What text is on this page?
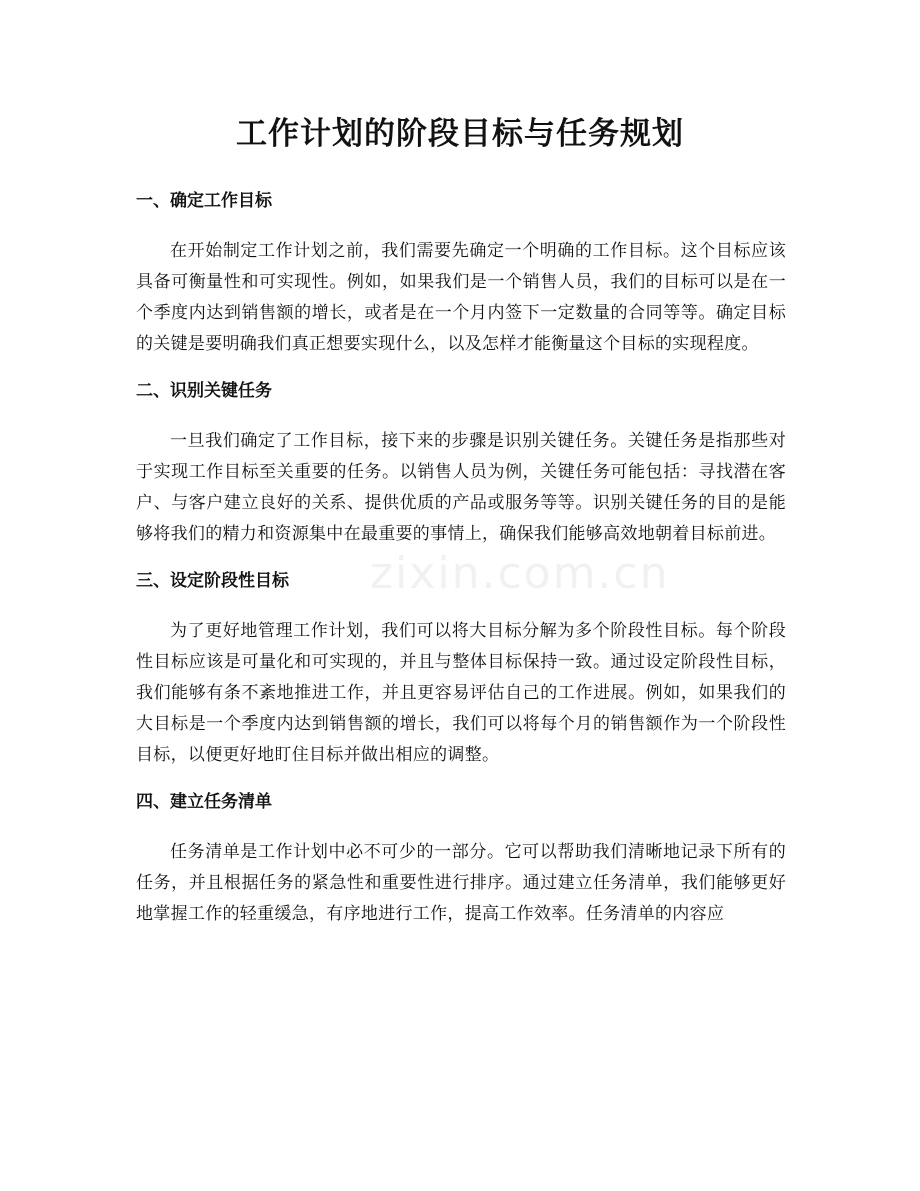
工作计划的阶段目标与任务规划
zixin.com.cn
一、确定工作目标

在开始制定工作计划之前，我们需要先确定一个明确的工作目标。这个目标应该具备可衡量性和可实现性。例如，如果我们是一个销售人员，我们的目标可以是在一个季度内达到销售额的增长，或者是在一个月内签下一定数量的合同等等。确定目标的关键是要明确我们真正想要实现什么，以及怎样才能衡量这个目标的实现程度。

二、识别关键任务

一旦我们确定了工作目标，接下来的步骤是识别关键任务。关键任务是指那些对于实现工作目标至关重要的任务。以销售人员为例，关键任务可能包括：寻找潜在客户、与客户建立良好的关系、提供优质的产品或服务等等。识别关键任务的目的是能够将我们的精力和资源集中在最重要的事情上，确保我们能够高效地朝着目标前进。

三、设定阶段性目标

为了更好地管理工作计划，我们可以将大目标分解为多个阶段性目标。每个阶段性目标应该是可量化和可实现的，并且与整体目标保持一致。通过设定阶段性目标，我们能够有条不紊地推进工作，并且更容易评估自己的工作进展。例如，如果我们的大目标是一个季度内达到销售额的增长，我们可以将每个月的销售额作为一个阶段性目标，以便更好地盯住目标并做出相应的调整。

四、建立任务清单

任务清单是工作计划中必不可少的一部分。它可以帮助我们清晰地记录下所有的任务，并且根据任务的紧急性和重要性进行排序。通过建立任务清单，我们能够更好地掌握工作的轻重缓急，有序地进行工作，提高工作效率。任务清单的内容应
